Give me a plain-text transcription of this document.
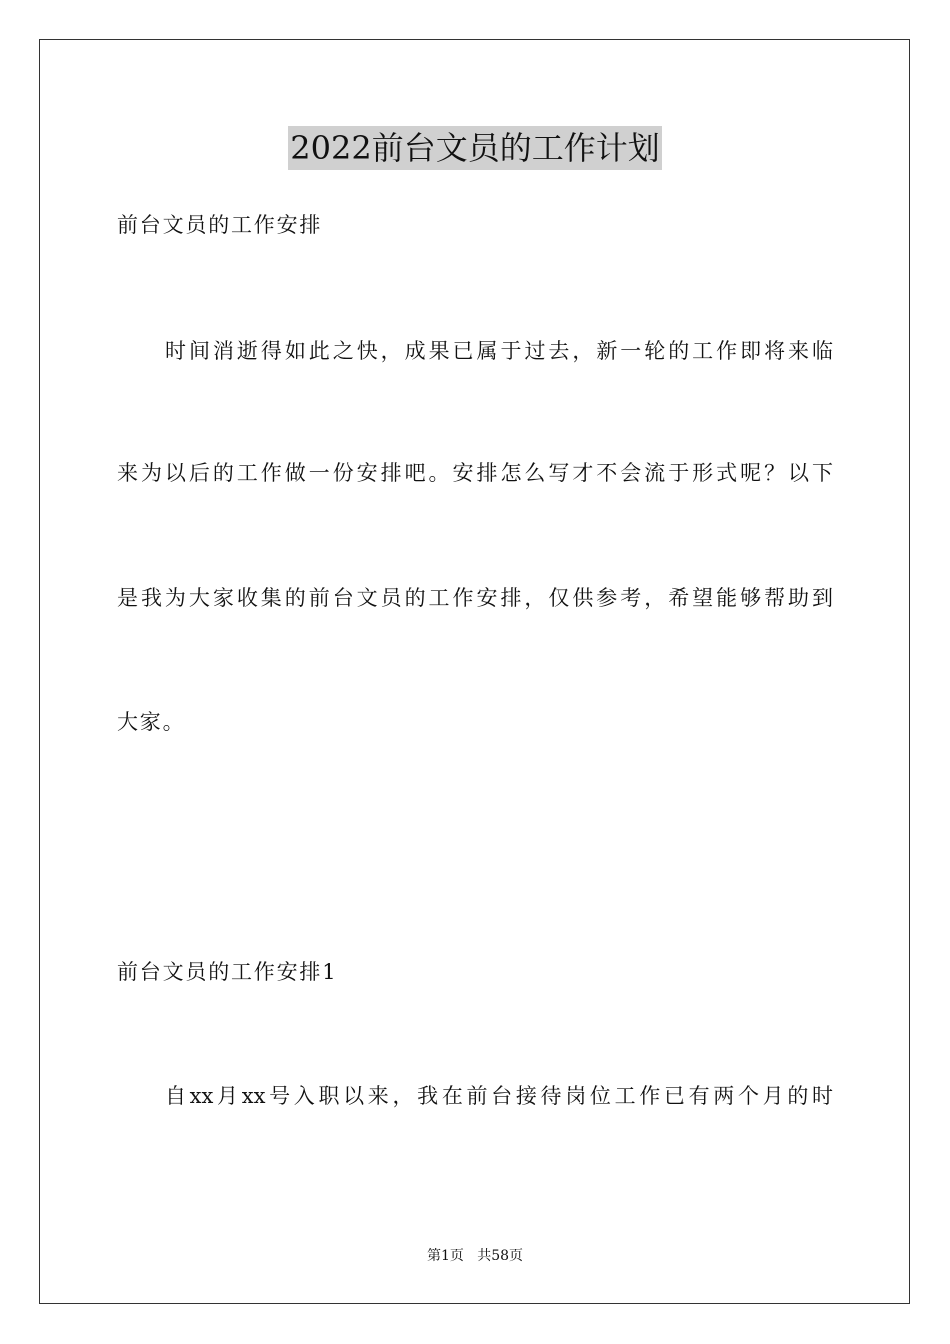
2022前台文员的工作计划
前台文员的工作安排
时间消逝得如此之快，成果已属于过去，新一轮的工作即将来临
来为以后的工作做一份安排吧。安排怎么写才不会流于形式呢？以下
是我为大家收集的前台文员的工作安排，仅供参考，希望能够帮助到
大家。
前台文员的工作安排1
自xx月xx号入职以来，我在前台接待岗位工作已有两个月的时
第1页   共58页
